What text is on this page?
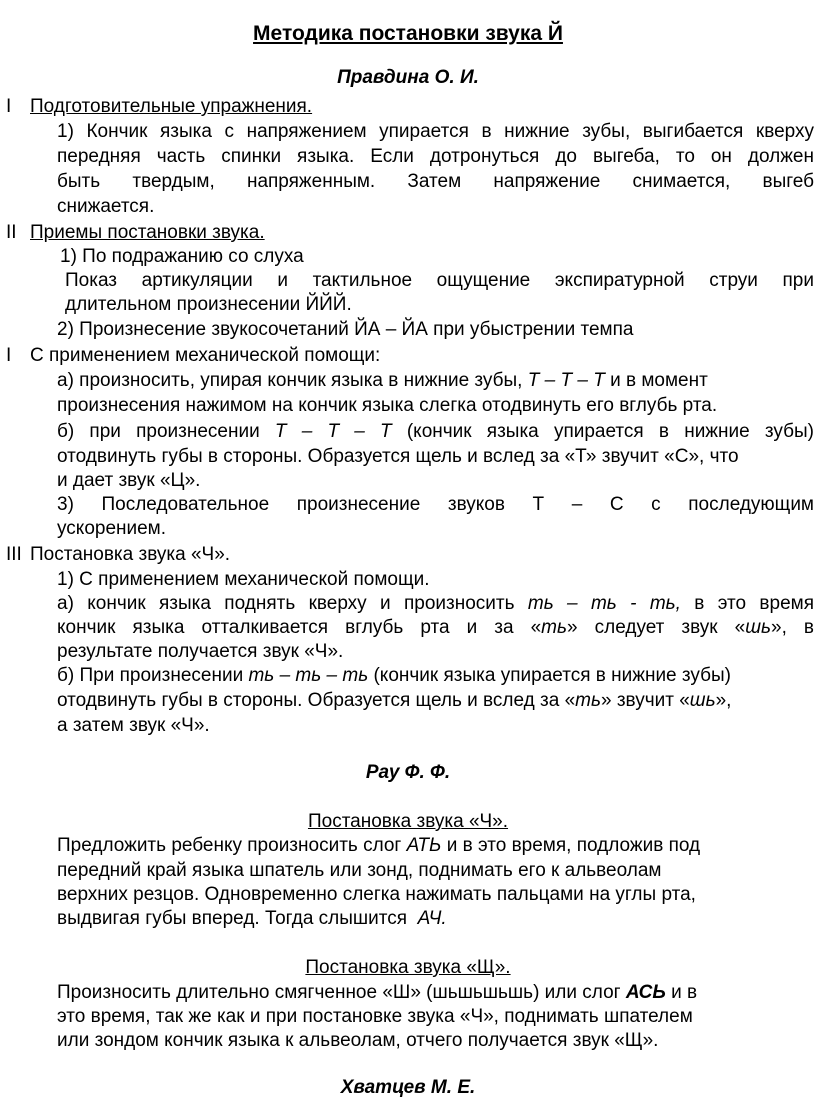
Методика постановки звука Й
Правдина О. И.
I Подготовительные упражнения.
1) Кончик языка с напряжением упирается в нижние зубы, выгибается кверху
передняя часть спинки языка. Если дотронуться до выгеба, то он должен
быть твердым, напряженным. Затем напряжение снимается, выгеб
снижается.
II Приемы постановки звука.
1) По подражанию со слуха
Показ артикуляции и тактильное ощущение экспиратурной струи при
длительном произнесении ЙЙЙ.
2) Произнесение звукосочетаний ЙА – ЙА при убыстрении темпа
I С применением механической помощи:
а) произносить, упирая кончик языка в нижние зубы, Т – Т – Т и в момент
произнесения нажимом на кончик языка слегка отодвинуть его вглубь рта.
б) при произнесении Т – Т – Т (кончик языка упирается в нижние зубы)
отодвинуть губы в стороны. Образуется щель и вслед за «Т» звучит «С», что
и дает звук «Ц».
3) Последовательное произнесение звуков Т – С с последующим
ускорением.
III Постановка звука «Ч».
1) С применением механической помощи.
а) кончик языка поднять кверху и произносить ть – ть - ть, в это время
кончик языка отталкивается вглубь рта и за «ть» следует звук «шь», в
результате получается звук «Ч».
б) При произнесении ть – ть – ть (кончик языка упирается в нижние зубы)
отодвинуть губы в стороны. Образуется щель и вслед за «ть» звучит «шь»,
а затем звук «Ч».
Рау Ф. Ф.
Постановка звука «Ч».
Предложить ребенку произносить слог АТЬ и в это время, подложив под
передний край языка шпатель или зонд, поднимать его к альвеолам
верхних резцов. Одновременно слегка нажимать пальцами на углы рта,
выдвигая губы вперед. Тогда слышится АЧ.
Постановка звука «Щ».
Произносить длительно смягченное «Ш» (шьшьшьшь) или слог АСЬ и в
это время, так же как и при постановке звука «Ч», поднимать шпателем
или зондом кончик языка к альвеолам, отчего получается звук «Щ».
Хватцев М. Е.
